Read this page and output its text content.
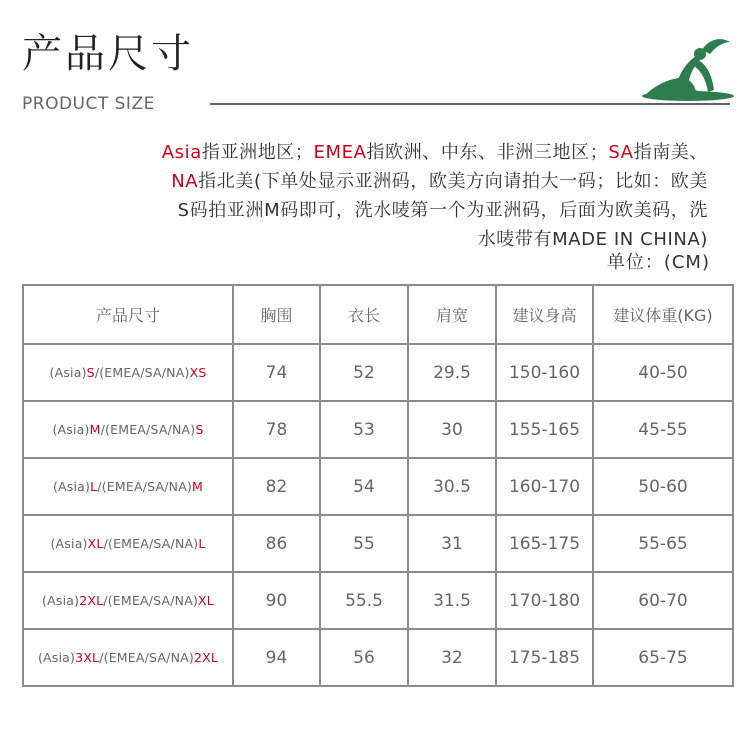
产品尺寸
PRODUCT SIZE
Asia指亚洲地区；EMEA指欧洲、中东、非洲三地区；SA指南美、
NA指北美(下单处显示亚洲码，欧美方向请拍大一码；比如：欧美
S码拍亚洲M码即可，洗水唛第一个为亚洲码，后面为欧美码，洗
水唛带有MADE IN CHINA)
单位：(CM)
产品尺寸	胸围	衣长	肩宽	建议身高	建议体重(KG)
(Asia)S/(EMEA/SA/NA)XS	74	52	29.5	150-160	40-50
(Asia)M/(EMEA/SA/NA)S	78	53	30	155-165	45-55
(Asia)L/(EMEA/SA/NA)M	82	54	30.5	160-170	50-60
(Asia)XL/(EMEA/SA/NA)L	86	55	31	165-175	55-65
(Asia)2XL/(EMEA/SA/NA)XL	90	55.5	31.5	170-180	60-70
(Asia)3XL/(EMEA/SA/NA)2XL	94	56	32	175-185	65-75
